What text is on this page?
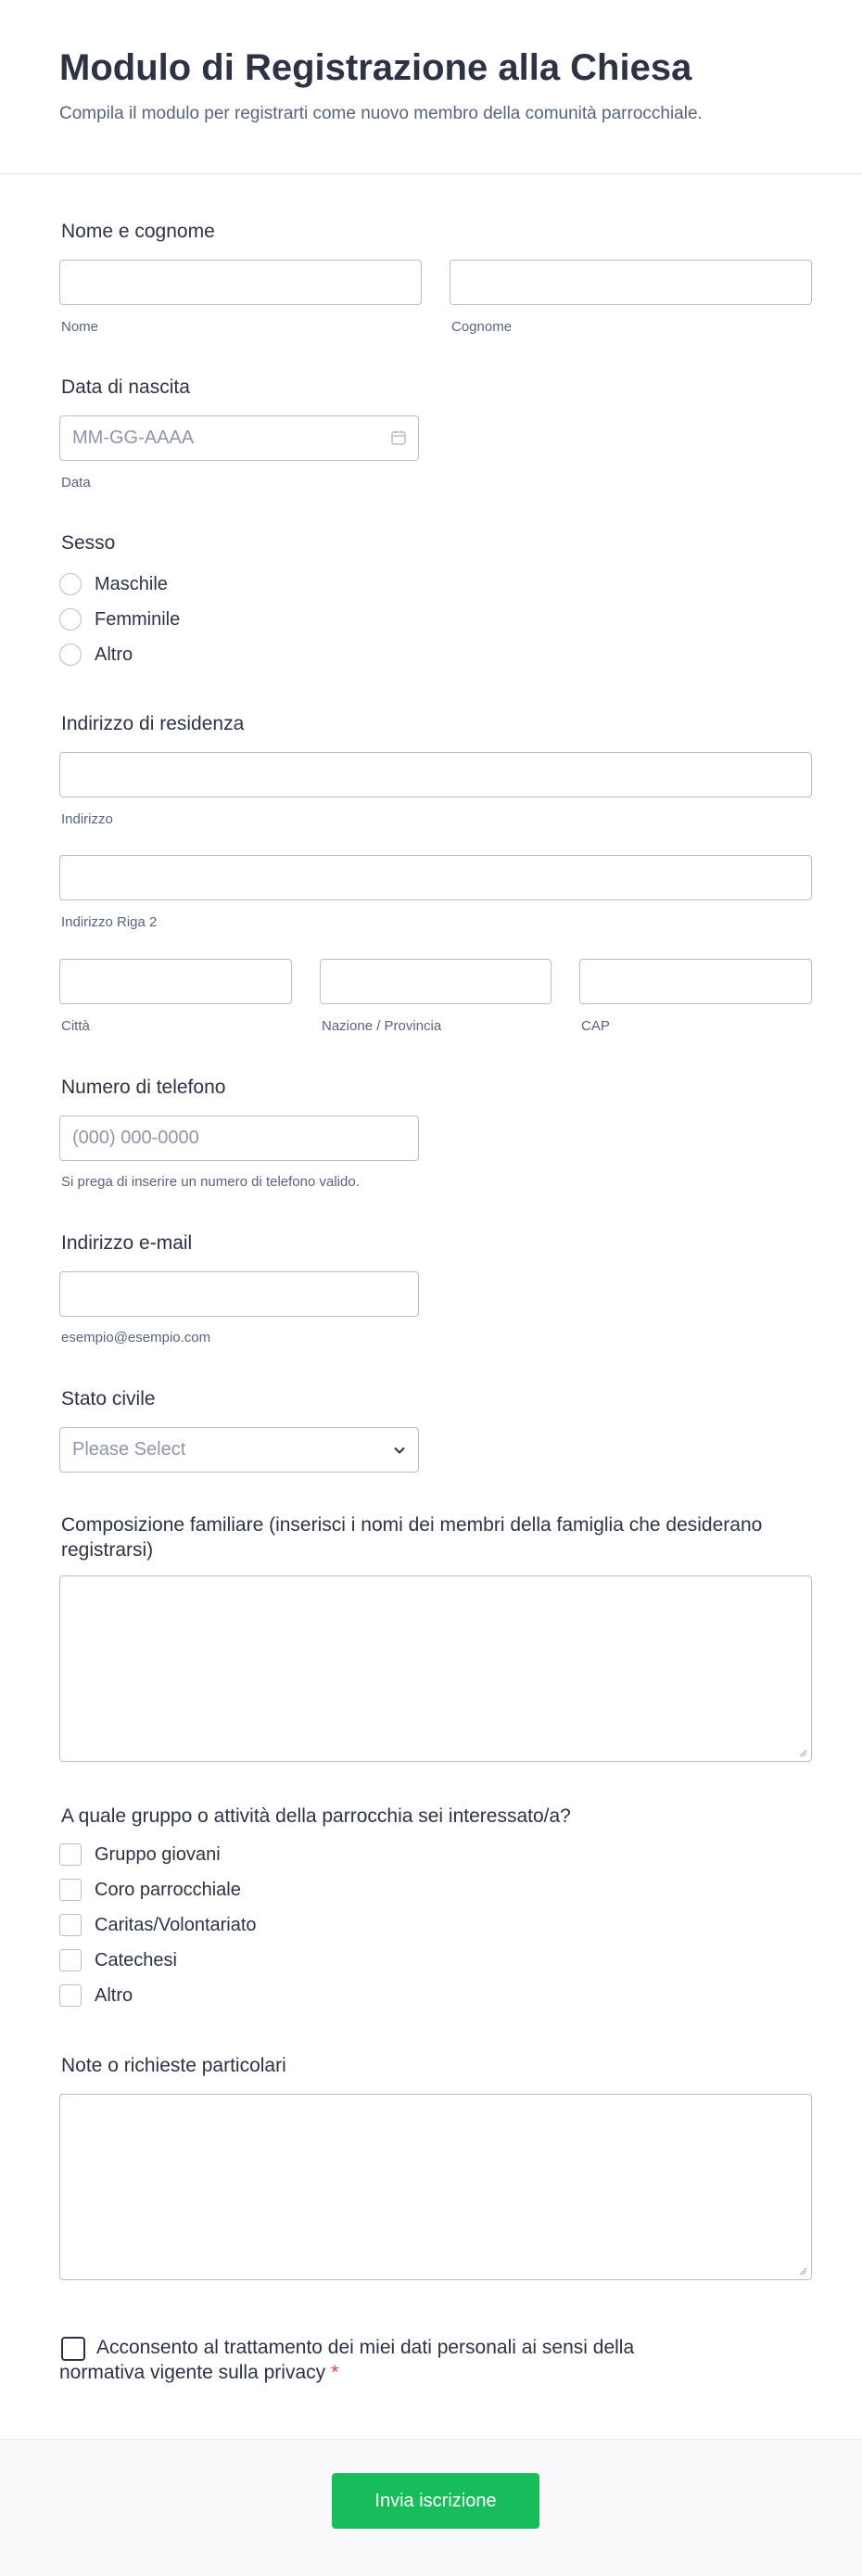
Modulo di Registrazione alla Chiesa

Compila il modulo per registrarti come nuovo membro della comunità parrocchiale.

Nome e cognome
Nome	Cognome
Data di nascita
MM-GG-AAAA
Data
Sesso
Maschile
Femminile
Altro
Indirizzo di residenza
Indirizzo
Indirizzo Riga 2
Città	Nazione / Provincia	CAP
Numero di telefono
(000) 000-0000
Si prega di inserire un numero di telefono valido.
Indirizzo e-mail
esempio@esempio.com
Stato civile
Please Select
Composizione familiare (inserisci i nomi dei membri della famiglia che desiderano registrarsi)
A quale gruppo o attività della parrocchia sei interessato/a?
Gruppo giovani
Coro parrocchiale
Caritas/Volontariato
Catechesi
Altro
Note o richieste particolari
Acconsento al trattamento dei miei dati personali ai sensi della normativa vigente sulla privacy *
Invia iscrizione
